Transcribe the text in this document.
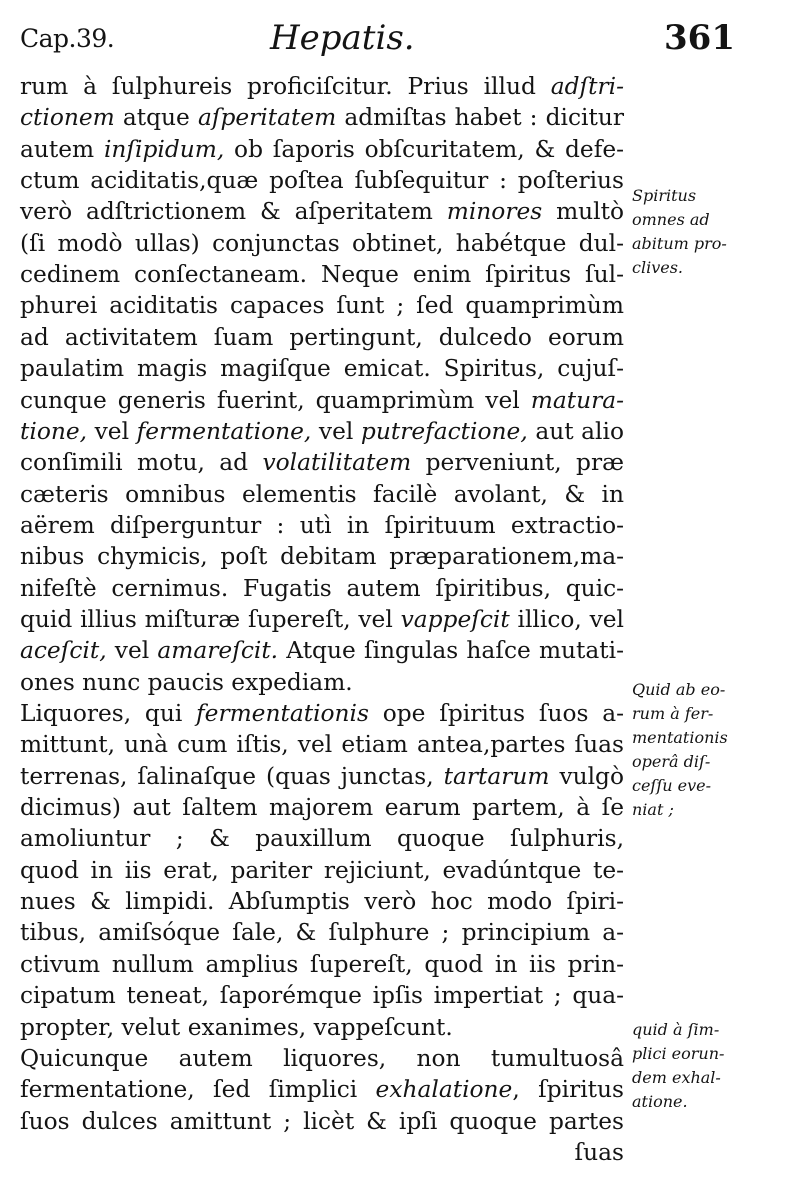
Cap.39.	Hepatis.	361
rum à ſulphureis proficiſcitur. Prius illud adſtri-
ctionem atque aſperitatem admiſtas habet : dicitur
autem inſipidum, ob ſaporis obſcuritatem, & defe-
ctum aciditatis,quæ poſtea ſubſequitur : poſterius
verò adſtrictionem & aſperitatem minores multò
(ſi modò ullas) conjunctas obtinet, habétque dul-
cedinem conſectaneam. Neque enim ſpiritus ſul-
phurei aciditatis capaces ſunt ; ſed quamprimùm
ad activitatem ſuam pertingunt, dulcedo eorum
paulatim magis magiſque emicat. Spiritus, cujuſ-
cunque generis fuerint, quamprimùm vel matura-
tione, vel fermentatione, vel putrefactione, aut alio
conſimili motu, ad volatilitatem perveniunt, præ
cæteris omnibus elementis facilè avolant, & in
aërem diſperguntur : utì in ſpirituum extractio-
nibus chymicis, poſt debitam præparationem,ma-
nifeſtè cernimus. Fugatis autem ſpiritibus, quic-
quid illius miſturæ ſupereſt, vel vappeſcit illico, vel
aceſcit, vel amareſcit. Atque ſingulas haſce mutati-
ones nunc paucis expediam.
Liquores, qui fermentationis ope ſpiritus ſuos a-
mittunt, unà cum iſtis, vel etiam antea,partes ſuas
terrenas, ſalinaſque (quas junctas, tartarum vulgò
dicimus) aut ſaltem majorem earum partem, à ſe
amoliuntur ; & pauxillum quoque ſulphuris,
quod in iis erat, pariter rejiciunt, evadúntque te-
nues & limpidi. Abſumptis verò hoc modo ſpiri-
tibus, amiſsóque ſale, & ſulphure ; principium a-
ctivum nullum amplius ſupereſt, quod in iis prin-
cipatum teneat, ſaporémque ipſis impertiat ; qua-
propter, velut exanimes, vappeſcunt.
Quicunque autem liquores, non tumultuosâ
fermentatione, ſed ſimplici exhalatione, ſpiritus
ſuos dulces amittunt ; licèt & ipſi quoque partes
ſuas
Spiritus
omnes ad
abitum pro-
clives.
Quid ab eo-
rum à fer-
mentationis
operâ diſ-
ceſſu eve-
niat ;
quid à ſim-
plici eorun-
dem exhal-
atione.
